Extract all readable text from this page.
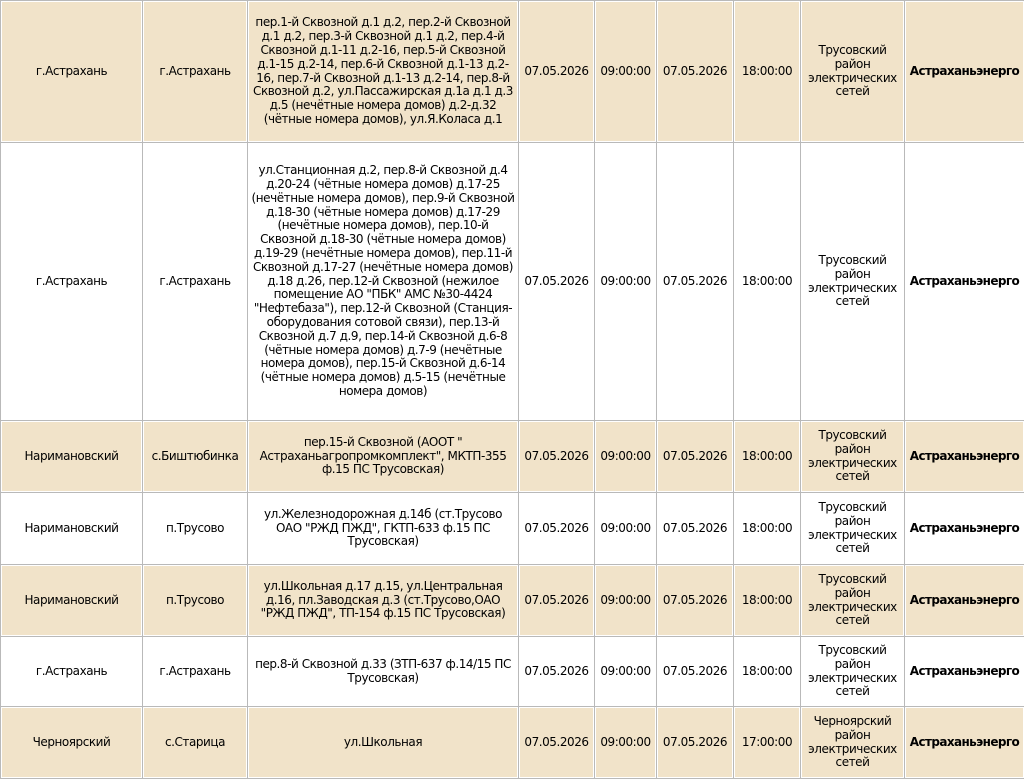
г.Астрахань	г.Астрахань	пер.1-й Сквозной д.1 д.2, пер.2-й Сквозной д.1 д.2, пер.3-й Сквозной д.1 д.2, пер.4-й Сквозной д.1-11 д.2-16, пер.5-й Сквозной д.1-15 д.2-14, пер.6-й Сквозной д.1-13 д.2-16, пер.7-й Сквозной д.1-13 д.2-14, пер.8-й Сквозной д.2, ул.Пассажирская д.1а д.1 д.3 д.5 (нечётные номера домов) д.2-д.32 (чётные номера домов), ул.Я.Коласа д.1	07.05.2026	09:00:00	07.05.2026	18:00:00	Трусовский район электрических сетей	Астраханьэнерго
г.Астрахань	г.Астрахань	ул.Станционная д.2, пер.8-й Сквозной д.4 д.20-24 (чётные номера домов) д.17-25 (нечётные номера домов), пер.9-й Сквозной д.18-30 (чётные номера домов) д.17-29 (нечётные номера домов), пер.10-й Сквозной д.18-30 (чётные номера домов) д.19-29 (нечётные номера домов), пер.11-й Сквозной д.17-27 (нечётные номера домов) д.18 д.26, пер.12-й Сквозной (нежилое помещение АО "ПБК" АМС №30-4424 "Нефтебаза"), пер.12-й Сквозной (Станция-оборудования сотовой связи), пер.13-й Сквозной д.7 д.9, пер.14-й Сквозной д.6-8 (чётные номера домов) д.7-9 (нечётные номера домов), пер.15-й Сквозной д.6-14 (чётные номера домов) д.5-15 (нечётные номера домов)	07.05.2026	09:00:00	07.05.2026	18:00:00	Трусовский район электрических сетей	Астраханьэнерго
Наримановский	с.Биштюбинка	пер.15-й Сквозной (АООТ " Астраханьагропромкомплект", МКТП-355 ф.15 ПС Трусовская)	07.05.2026	09:00:00	07.05.2026	18:00:00	Трусовский район электрических сетей	Астраханьэнерго
Наримановский	п.Трусово	ул.Железнодорожная д.14б (ст.Трусово ОАО "РЖД ПЖД", ГКТП-633 ф.15 ПС Трусовская)	07.05.2026	09:00:00	07.05.2026	18:00:00	Трусовский район электрических сетей	Астраханьэнерго
Наримановский	п.Трусово	ул.Школьная д.17 д.15, ул.Центральная д.16, пл.Заводская д.3 (ст.Трусово,ОАО "РЖД ПЖД", ТП-154 ф.15 ПС Трусовская)	07.05.2026	09:00:00	07.05.2026	18:00:00	Трусовский район электрических сетей	Астраханьэнерго
г.Астрахань	г.Астрахань	пер.8-й Сквозной д.33 (ЗТП-637 ф.14/15 ПС Трусовская)	07.05.2026	09:00:00	07.05.2026	18:00:00	Трусовский район электрических сетей	Астраханьэнерго
Черноярский	с.Старица	ул.Школьная	07.05.2026	09:00:00	07.05.2026	17:00:00	Черноярский район электрических сетей	Астраханьэнерго
